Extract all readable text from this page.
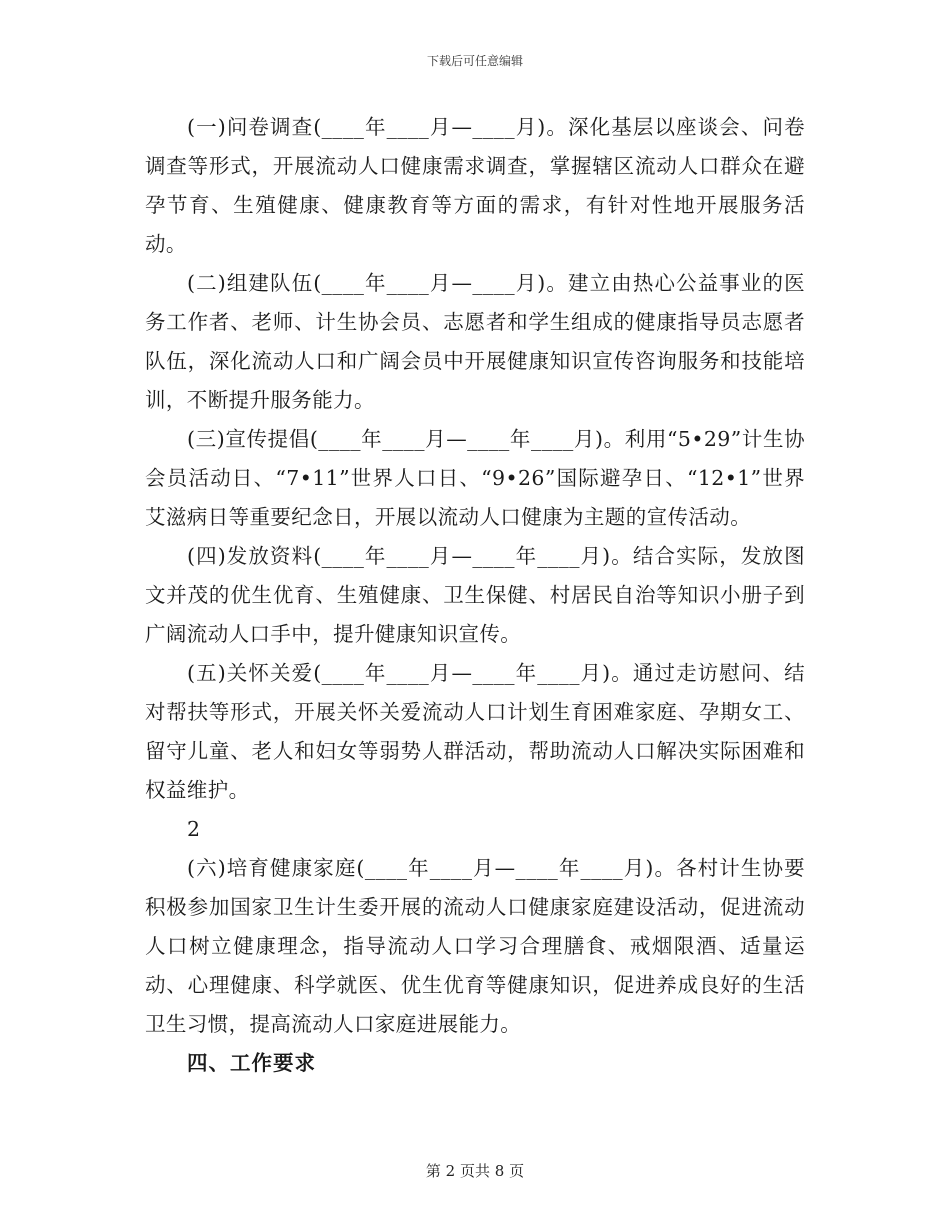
下载后可任意编辑

(一)问卷调查(____年____月—____月)。深化基层以座谈会、问卷调查等形式，开展流动人口健康需求调查，掌握辖区流动人口群众在避孕节育、生殖健康、健康教育等方面的需求，有针对性地开展服务活动。

(二)组建队伍(____年____月—____月)。建立由热心公益事业的医务工作者、老师、计生协会员、志愿者和学生组成的健康指导员志愿者队伍，深化流动人口和广阔会员中开展健康知识宣传咨询服务和技能培训，不断提升服务能力。

(三)宣传提倡(____年____月—____年____月)。利用“5•29”计生协会员活动日、“7•11”世界人口日、“9•26”国际避孕日、“12•1”世界艾滋病日等重要纪念日，开展以流动人口健康为主题的宣传活动。

(四)发放资料(____年____月—____年____月)。结合实际，发放图文并茂的优生优育、生殖健康、卫生保健、村居民自治等知识小册子到广阔流动人口手中，提升健康知识宣传。

(五)关怀关爱(____年____月—____年____月)。通过走访慰问、结对帮扶等形式，开展关怀关爱流动人口计划生育困难家庭、孕期女工、留守儿童、老人和妇女等弱势人群活动，帮助流动人口解决实际困难和权益维护。

2

(六)培育健康家庭(____年____月—____年____月)。各村计生协要积极参加国家卫生计生委开展的流动人口健康家庭建设活动，促进流动人口树立健康理念，指导流动人口学习合理膳食、戒烟限酒、适量运动、心理健康、科学就医、优生优育等健康知识，促进养成良好的生活卫生习惯，提高流动人口家庭进展能力。

四、工作要求

第 2 页共 8 页
